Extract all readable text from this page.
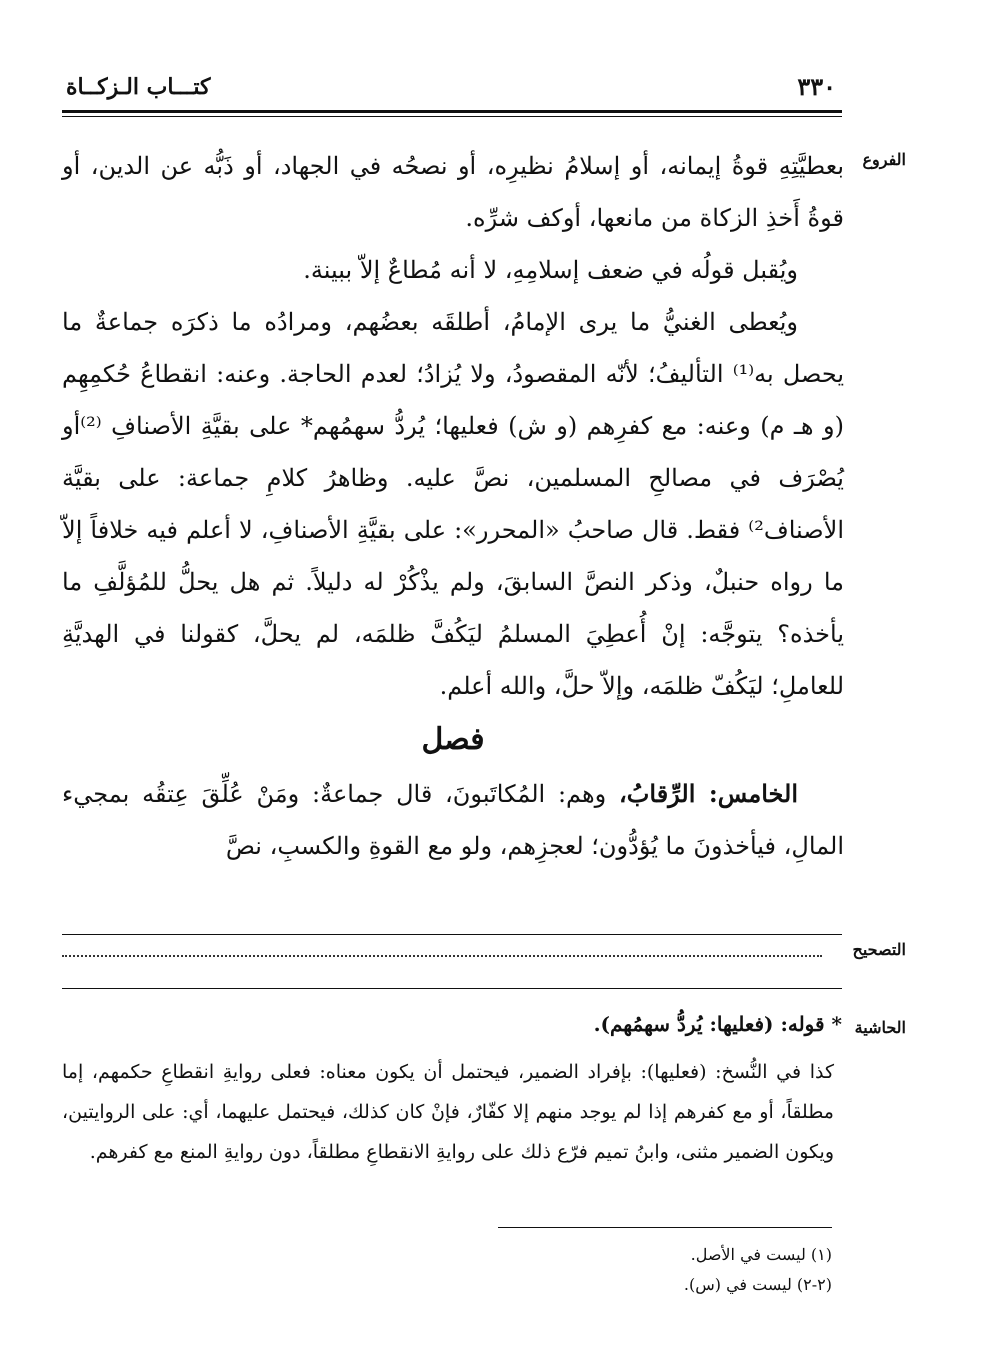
٣٣٠
كتـــاب الـزكــاة
الفروع

بعطيَّتِهِ قوةُ إيمانه، أو إسلامُ نظيرِه، أو نصحُه في الجهاد، أو ذَبُّه عن الدين، أو قوةُ أَخذِ الزكاة من مانعها، أوكف شرِّه.

ويُقبل قولُه في ضعف إسلامِهِ، لا أنه مُطاعٌ إلاّ ببينة.

ويُعطى الغنيُّ ما يرى الإمامُ، أطلقَه بعضُهم، ومرادُه ما ذكرَه جماعةٌ ما يحصل به⁽¹⁾ التأليفُ؛ لأنّه المقصودُ، ولا يُزادُ؛ لعدم الحاجة. وعنه: انقطاعُ حُكمِهِم (و هـ م) وعنه: مع كفرِهم (و ش) فعليها؛ يُردُّ سهمُهم* على بقيَّةِ الأصنافِ ⁽²⁾أو يُصْرَف في مصالحِ المسلمين، نصَّ عليه. وظاهرُ كلامِ جماعة: على بقيَّة الأصناف²⁾ فقط. قال صاحبُ «المحرر»: على بقيَّةِ الأصنافِ، لا أعلم فيه خلافاً إلاّ ما رواه حنبلٌ، وذكر النصَّ السابقَ، ولم يذْكُرْ له دليلاً. ثم هل يحلُّ للمُؤلَّفِ ما يأخذه؟ يتوجَّه: إنْ أُعطِيَ المسلمُ ليَكُفَّ ظلمَه، لم يحلَّ، كقولنا في الهديَّةِ للعاملِ؛ ليَكُفّ ظلمَه، وإلاّ حلَّ، والله أعلم.

فصل

الخامس: الرِّقابُ، وهم: المُكاتَبونَ، قال جماعةٌ: ومَنْ عُلِّقَ عِتقُه بمجيء المالِ، فيأخذونَ ما يُؤدُّون؛ لعجزِهم، ولو مع القوةِ والكسبِ، نصَّ

التصحيح
الحاشية
* قوله: (فعليها: يُردُّ سهمُهم).
كذا في النُّسخ: (فعليها): بإفراد الضمير، فيحتمل أن يكون معناه: فعلى روايةِ انقطاعِ حكمهم، إما مطلقاً، أو مع كفرهم إذا لم يوجد منهم إلا كفّارٌ، فإنْ كان كذلك، فيحتمل عليهما، أي: على الروايتين، ويكون الضمير مثنى، وابنُ تميم فرّع ذلك على روايةِ الانقطاعِ مطلقاً، دون روايةِ المنع مع كفرهم.
(١) ليست في الأصل.
(٢-٢) ليست في (س).
